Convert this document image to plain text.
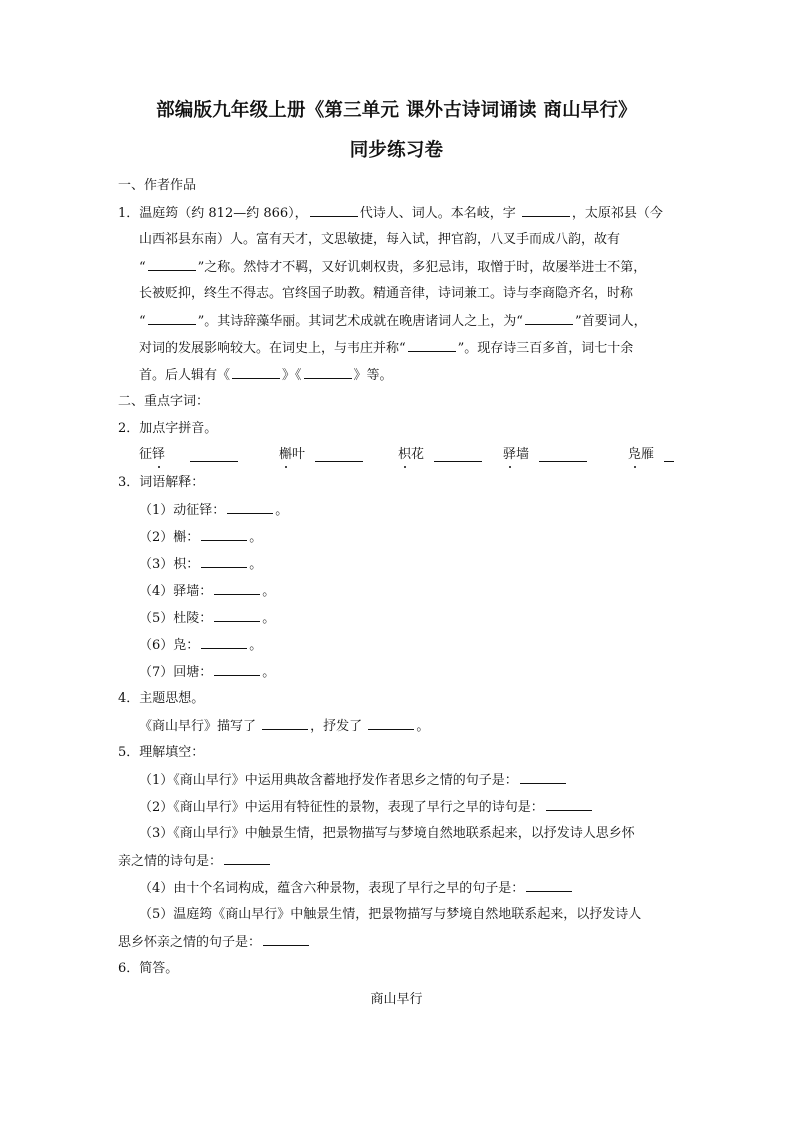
部编版九年级上册《第三单元 课外古诗词诵读 商山早行》
同步练习卷
一、作者作品
1．温庭筠（约 812—约 866），	代诗人、词人。本名岐，字	，太原祁县（今
山西祁县东南）人。富有天才，文思敏捷，每入试，押官韵，八叉手而成八韵，故有
“	”之称。然恃才不羁，又好讥刺权贵，多犯忌讳，取憎于时，故屡举进士不第，
长被贬抑，终生不得志。官终国子助教。精通音律，诗词兼工。诗与李商隐齐名，时称
“	”。其诗辞藻华丽。其词艺术成就在晚唐诸词人之上，为“	”首要词人，
对词的发展影响较大。在词史上，与韦庄并称“	”。现存诗三百多首，词七十余
首。后人辑有《	》《	》等。
二、重点字词：
2．加点字拼音。
征铎	槲叶	枳花	驿墙	凫雁
3．词语解释：
（1）动征铎：	。
（2）槲：	。
（3）枳：	。
（4）驿墙：	。
（5）杜陵：	。
（6）凫：	。
（7）回塘：	。
4．主题思想。
《商山早行》描写了	，抒发了	。
5．理解填空：
（1）《商山早行》中运用典故含蓄地抒发作者思乡之情的句子是：
（2）《商山早行》中运用有特征性的景物，表现了早行之早的诗句是：
（3）《商山早行》中触景生情，把景物描写与梦境自然地联系起来，以抒发诗人思乡怀
亲之情的诗句是：
（4）由十个名词构成，蕴含六种景物，表现了早行之早的句子是：
（5）温庭筠《商山早行》中触景生情，把景物描写与梦境自然地联系起来，以抒发诗人
思乡怀亲之情的句子是：
6．简答。
商山早行
